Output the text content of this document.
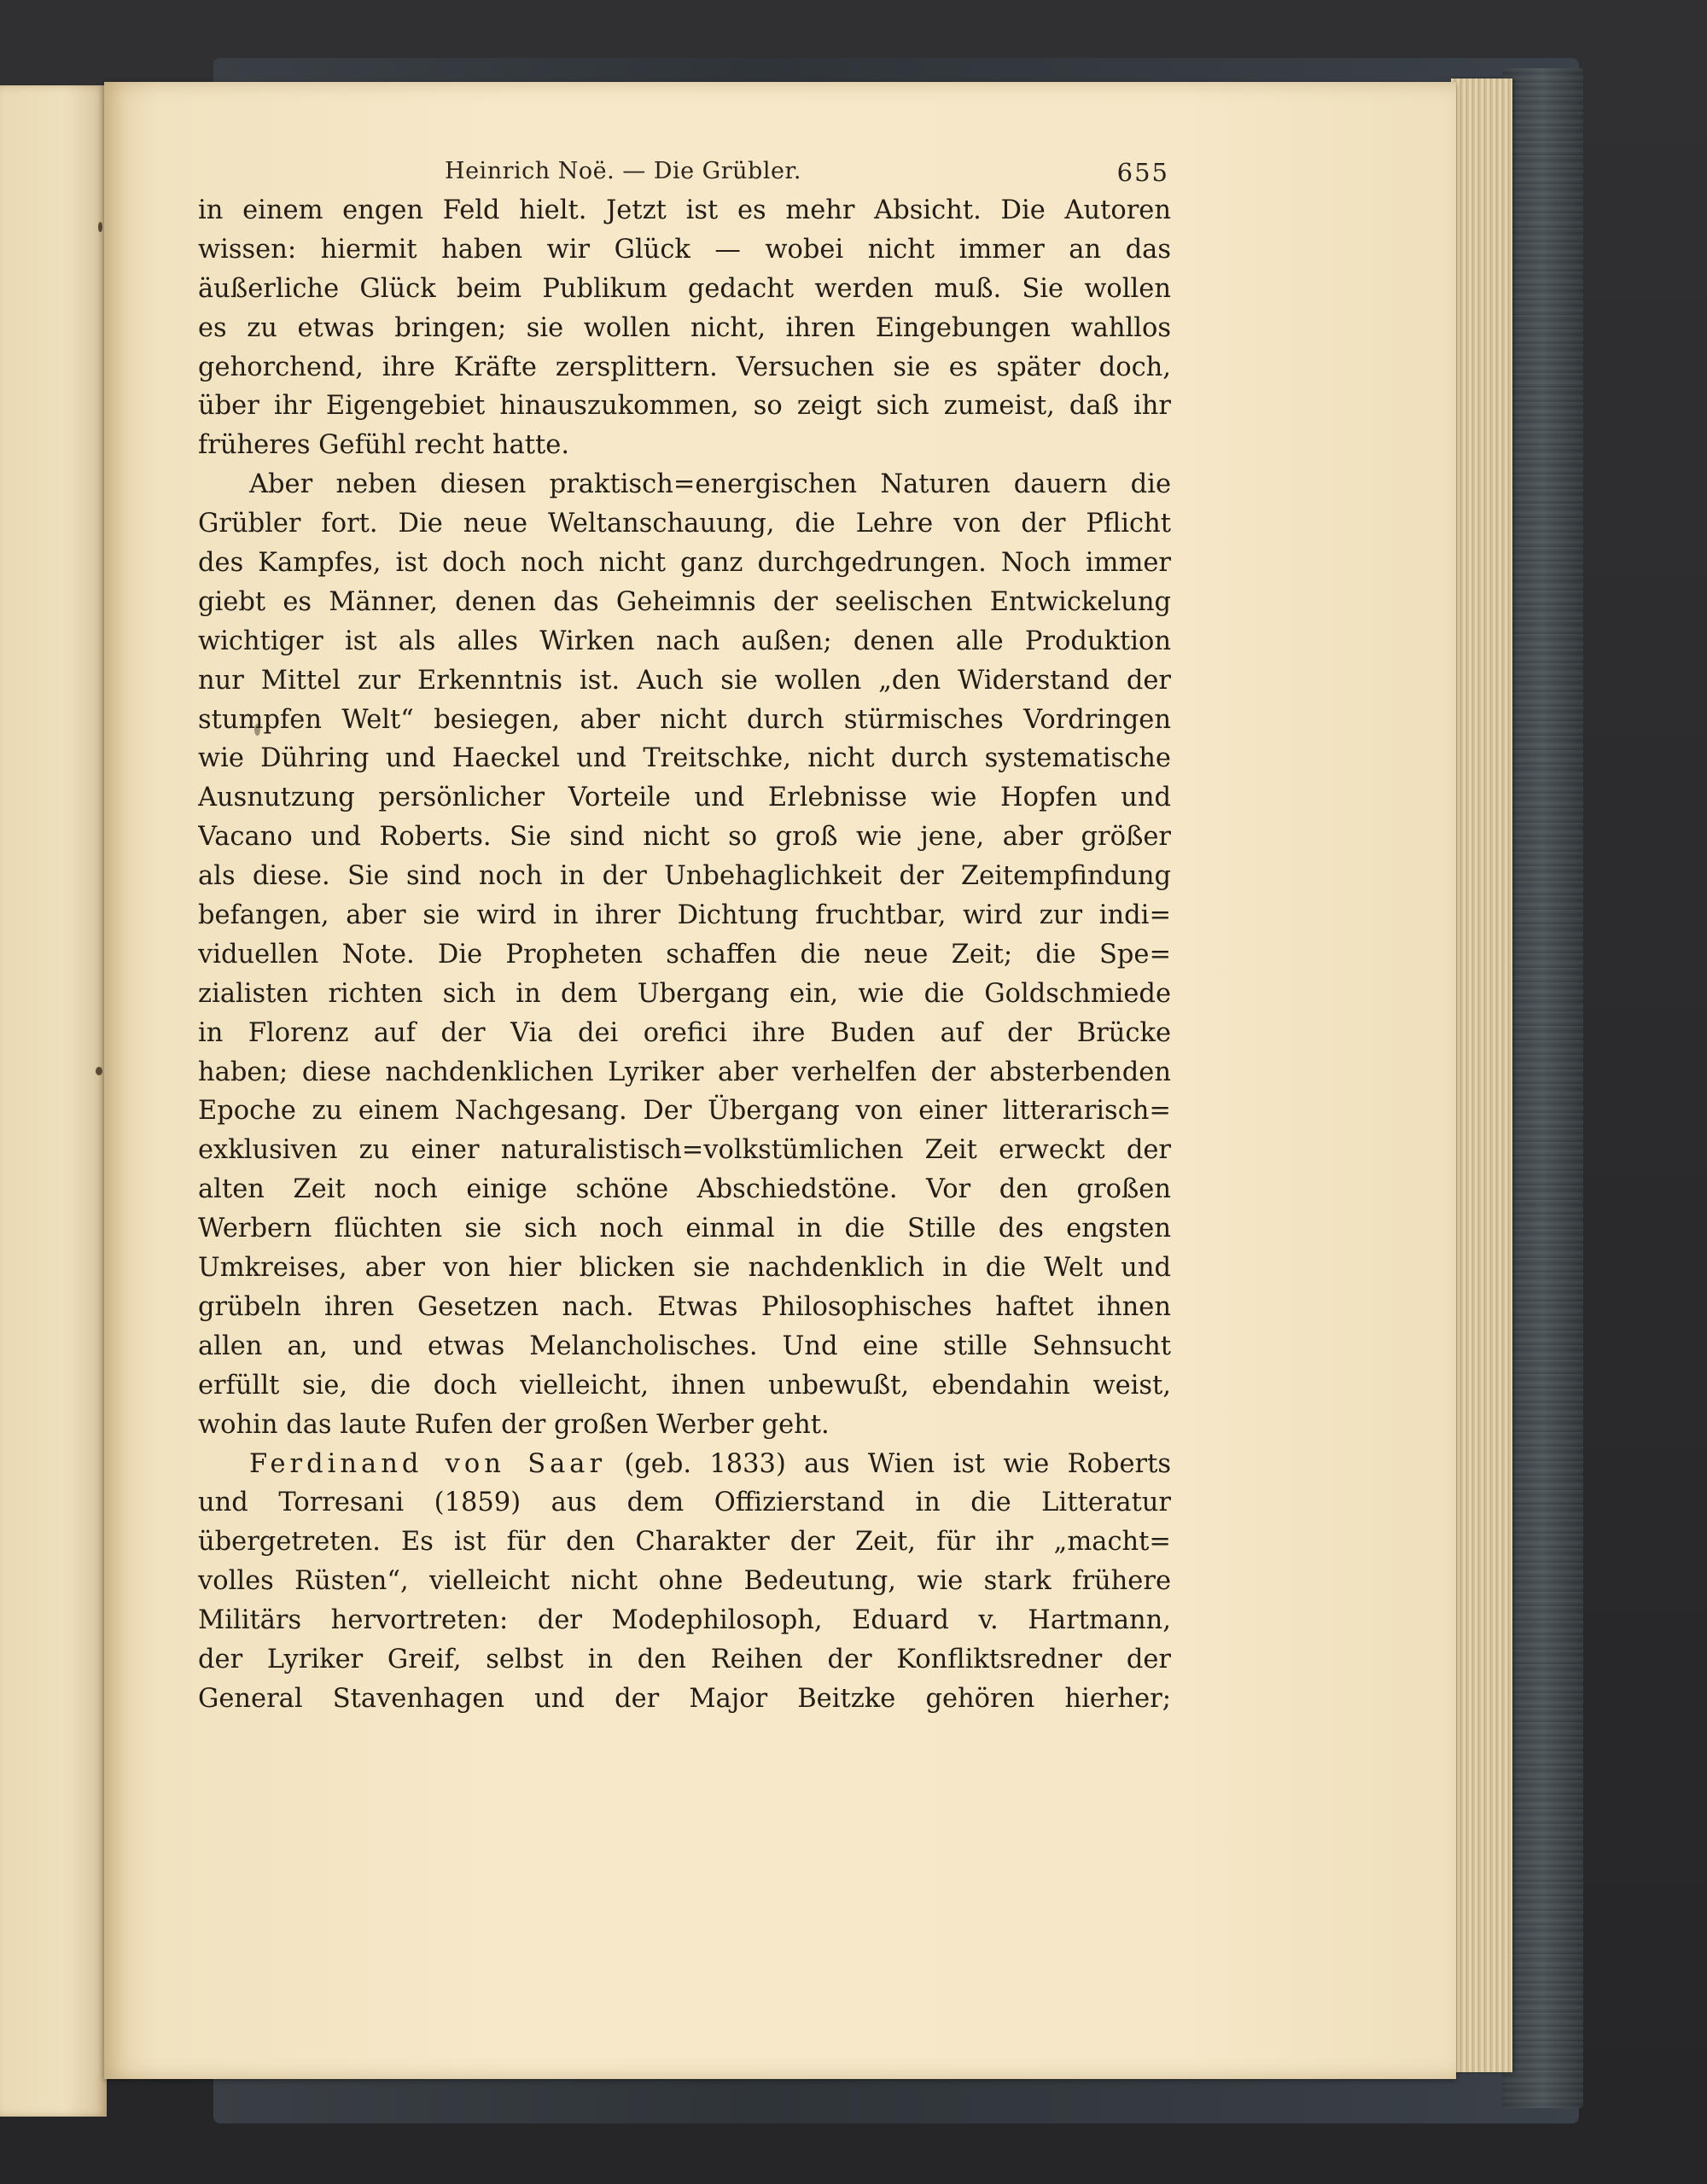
Heinrich Noë. — Die Grübler.	655
in einem engen Feld hielt. Jetzt ist es mehr Absicht. Die Autoren
wissen: hiermit haben wir Glück — wobei nicht immer an das
äußerliche Glück beim Publikum gedacht werden muß. Sie wollen
es zu etwas bringen; sie wollen nicht, ihren Eingebungen wahllos
gehorchend, ihre Kräfte zersplittern. Versuchen sie es später doch,
über ihr Eigengebiet hinauszukommen, so zeigt sich zumeist, daß ihr
früheres Gefühl recht hatte.
Aber neben diesen praktisch=energischen Naturen dauern die
Grübler fort. Die neue Weltanschauung, die Lehre von der Pflicht
des Kampfes, ist doch noch nicht ganz durchgedrungen. Noch immer
giebt es Männer, denen das Geheimnis der seelischen Entwickelung
wichtiger ist als alles Wirken nach außen; denen alle Produktion
nur Mittel zur Erkenntnis ist. Auch sie wollen „den Widerstand der
stumpfen Welt“ besiegen, aber nicht durch stürmisches Vordringen
wie Dühring und Haeckel und Treitschke, nicht durch systematische
Ausnutzung persönlicher Vorteile und Erlebnisse wie Hopfen und
Vacano und Roberts. Sie sind nicht so groß wie jene, aber größer
als diese. Sie sind noch in der Unbehaglichkeit der Zeitempfindung
befangen, aber sie wird in ihrer Dichtung fruchtbar, wird zur indi=
viduellen Note. Die Propheten schaffen die neue Zeit; die Spe=
zialisten richten sich in dem Ubergang ein, wie die Goldschmiede
in Florenz auf der Via dei orefici ihre Buden auf der Brücke
haben; diese nachdenklichen Lyriker aber verhelfen der absterbenden
Epoche zu einem Nachgesang. Der Übergang von einer litterarisch=
exklusiven zu einer naturalistisch=volkstümlichen Zeit erweckt der
alten Zeit noch einige schöne Abschiedstöne. Vor den großen
Werbern flüchten sie sich noch einmal in die Stille des engsten
Umkreises, aber von hier blicken sie nachdenklich in die Welt und
grübeln ihren Gesetzen nach. Etwas Philosophisches haftet ihnen
allen an, und etwas Melancholisches. Und eine stille Sehnsucht
erfüllt sie, die doch vielleicht, ihnen unbewußt, ebendahin weist,
wohin das laute Rufen der großen Werber geht.
Ferdinand von Saar (geb. 1833) aus Wien ist wie Roberts
und Torresani (1859) aus dem Offizierstand in die Litteratur
übergetreten. Es ist für den Charakter der Zeit, für ihr „macht=
volles Rüsten“, vielleicht nicht ohne Bedeutung, wie stark frühere
Militärs hervortreten: der Modephilosoph, Eduard v. Hartmann,
der Lyriker Greif, selbst in den Reihen der Konfliktsredner der
General Stavenhagen und der Major Beitzke gehören hierher;
